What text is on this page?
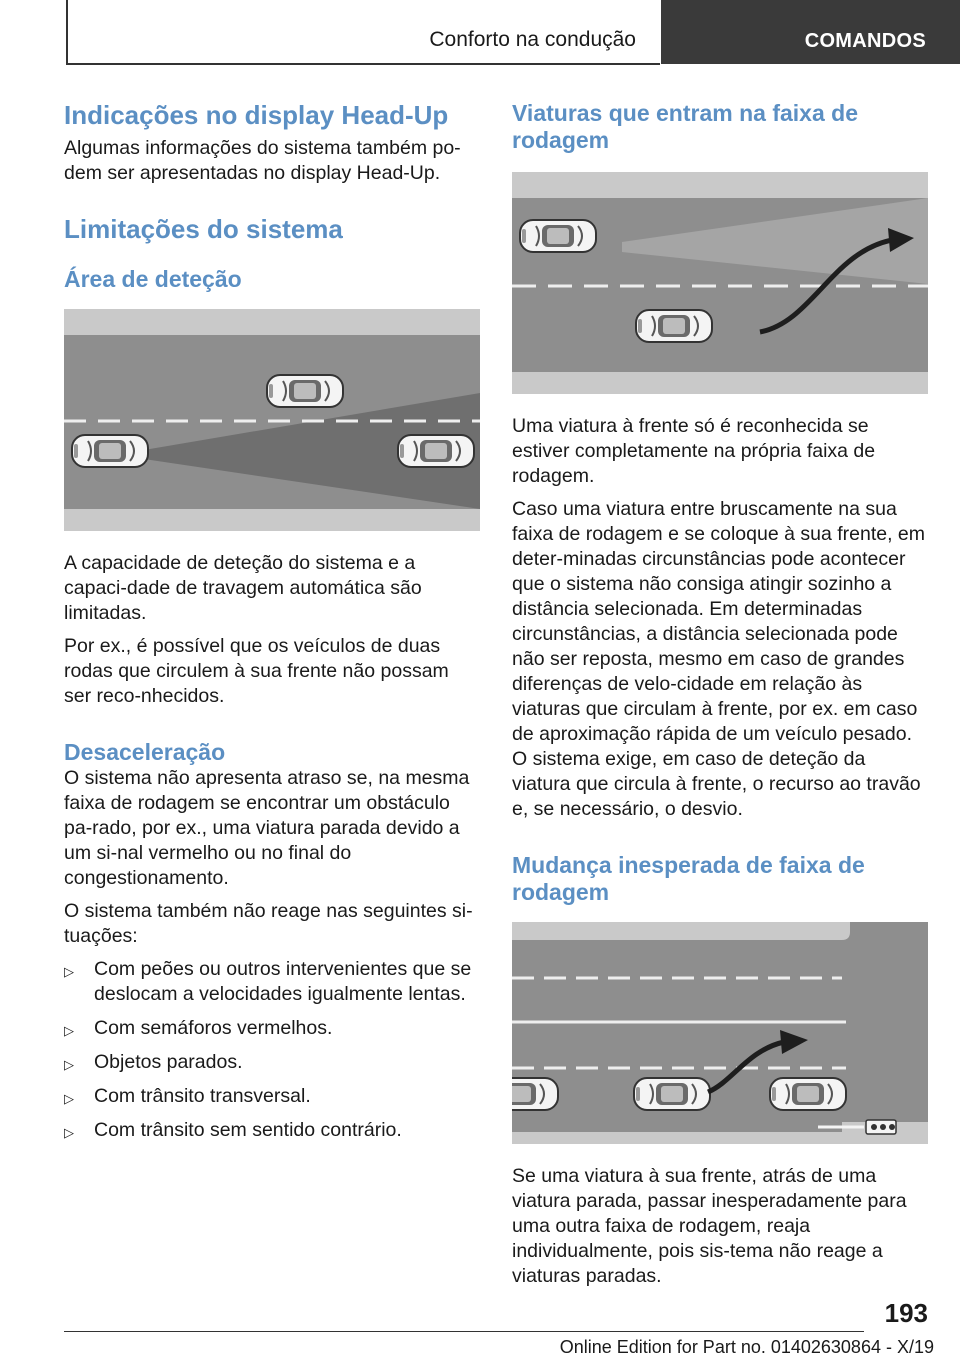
Conforto na condução	COMANDOS
Indicações no display Head-Up

Algumas informações do sistema também po-dem ser apresentadas no display Head-Up.

Limitações do sistema
Área de deteção

A capacidade de deteção do sistema e a capaci-dade de travagem automática são limitadas.

Por ex., é possível que os veículos de duas rodas que circulem à sua frente não possam ser reco-nhecidos.

Desaceleração

O sistema não apresenta atraso se, na mesma faixa de rodagem se encontrar um obstáculo pa-rado, por ex., uma viatura parada devido a um si-nal vermelho ou no final do congestionamento.

O sistema também não reage nas seguintes si-tuações:

▷ Com peões ou outros intervenientes que se deslocam a velocidades igualmente lentas.
▷ Com semáforos vermelhos.
▷ Objetos parados.
▷ Com trânsito transversal.
▷ Com trânsito sem sentido contrário.
Viaturas que entram na faixa de rodagem

Uma viatura à frente só é reconhecida se estiver completamente na própria faixa de rodagem.

Caso uma viatura entre bruscamente na sua faixa de rodagem e se coloque à sua frente, em deter-minadas circunstâncias pode acontecer que o sistema não consiga atingir sozinho a distância selecionada. Em determinadas circunstâncias, a distância selecionada pode não ser reposta, mesmo em caso de grandes diferenças de velo-cidade em relação às viaturas que circulam à frente, por ex. em caso de aproximação rápida de um veículo pesado. O sistema exige, em caso de deteção da viatura que circula à frente, o recurso ao travão e, se necessário, o desvio.

Mudança inesperada de faixa de rodagem

Se uma viatura à sua frente, atrás de uma viatura parada, passar inesperadamente para uma outra faixa de rodagem, reaja individualmente, pois sis-tema não reage a viaturas paradas.

193
Online Edition for Part no. 01402630864 - X/19
